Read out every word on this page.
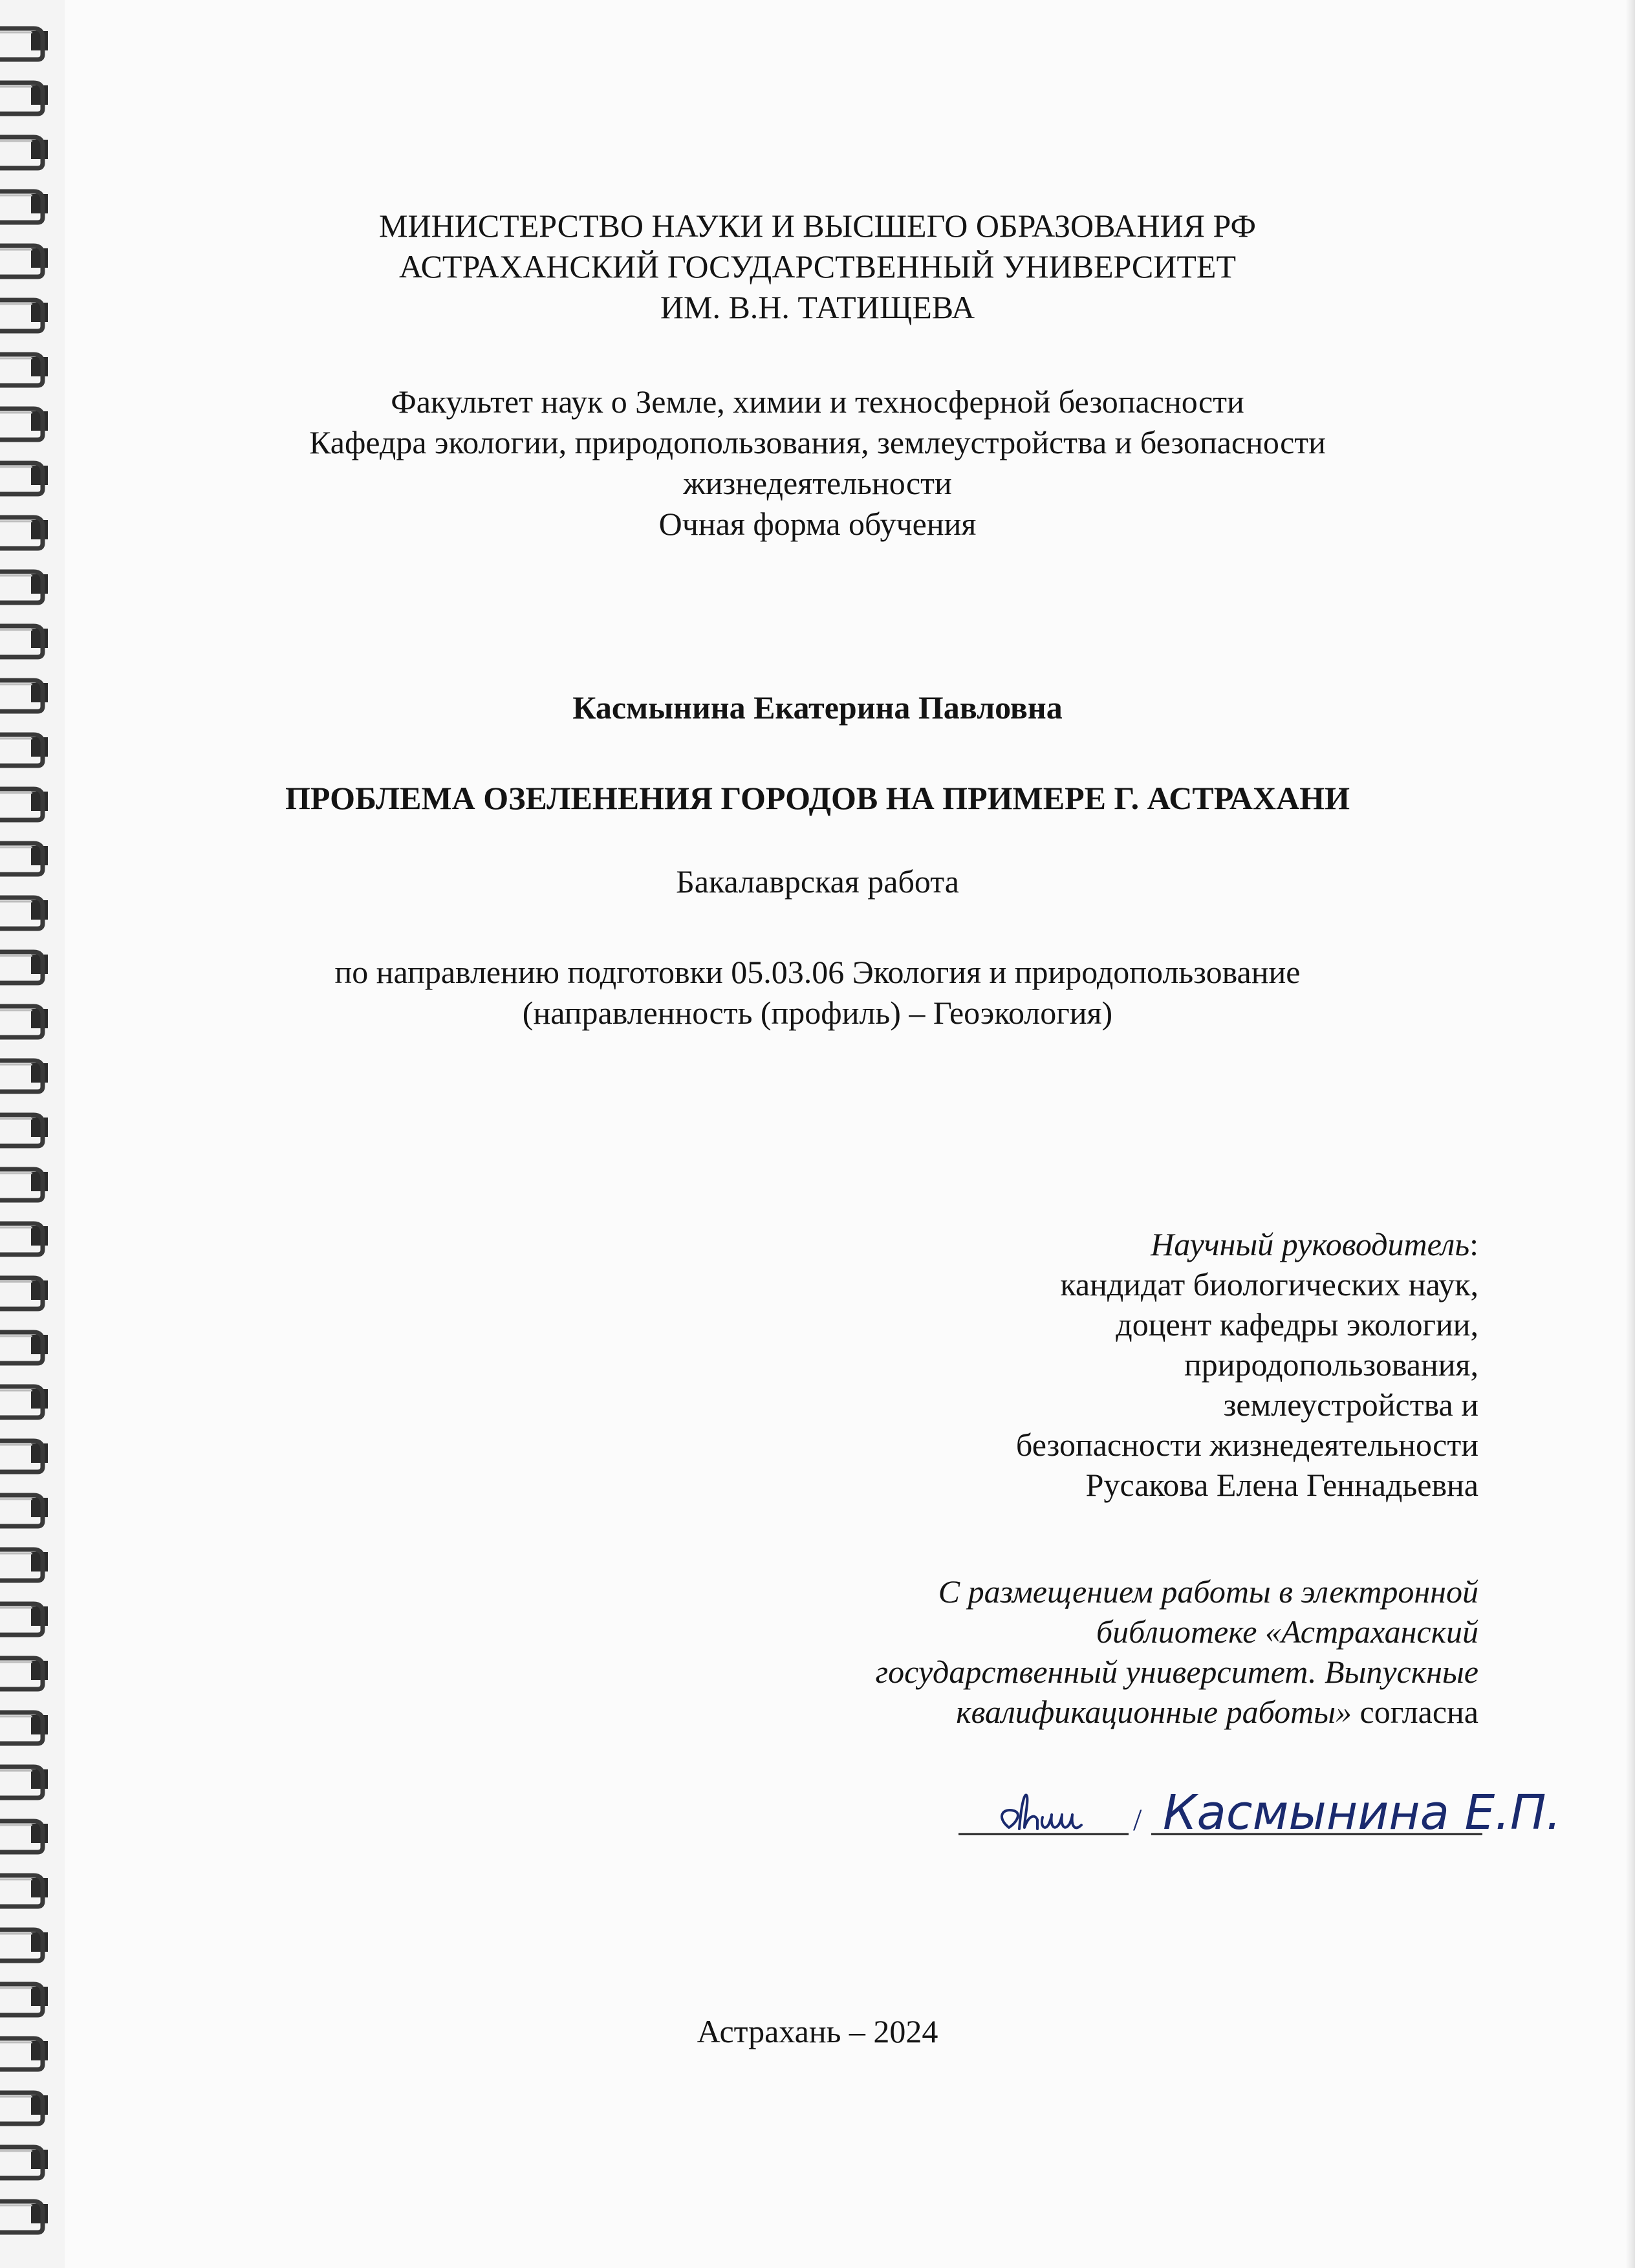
МИНИСТЕРСТВО НАУКИ И ВЫСШЕГО ОБРАЗОВАНИЯ РФ
АСТРАХАНСКИЙ ГОСУДАРСТВЕННЫЙ УНИВЕРСИТЕТ
ИМ. В.Н. ТАТИЩЕВА
Факультет наук о Земле, химии и техносферной безопасности
Кафедра экологии, природопользования, землеустройства и безопасности
жизнедеятельности
Очная форма обучения
Касмынина Екатерина Павловна
ПРОБЛЕМА ОЗЕЛЕНЕНИЯ ГОРОДОВ НА ПРИМЕРЕ Г. АСТРАХАНИ
Бакалаврская работа
по направлению подготовки 05.03.06 Экология и природопользование
(направленность (профиль) – Геоэкология)
Научный руководитель:
кандидат биологических наук,
доцент кафедры экологии,
природопользования,
землеустройства и
безопасности жизнедеятельности
Русакова Елена Геннадьевна
С размещением работы в электронной
библиотеке «Астраханский
государственный университет. Выпускные
квалификационные работы» согласна
/ Касмынина Е.П.
Астрахань – 2024
